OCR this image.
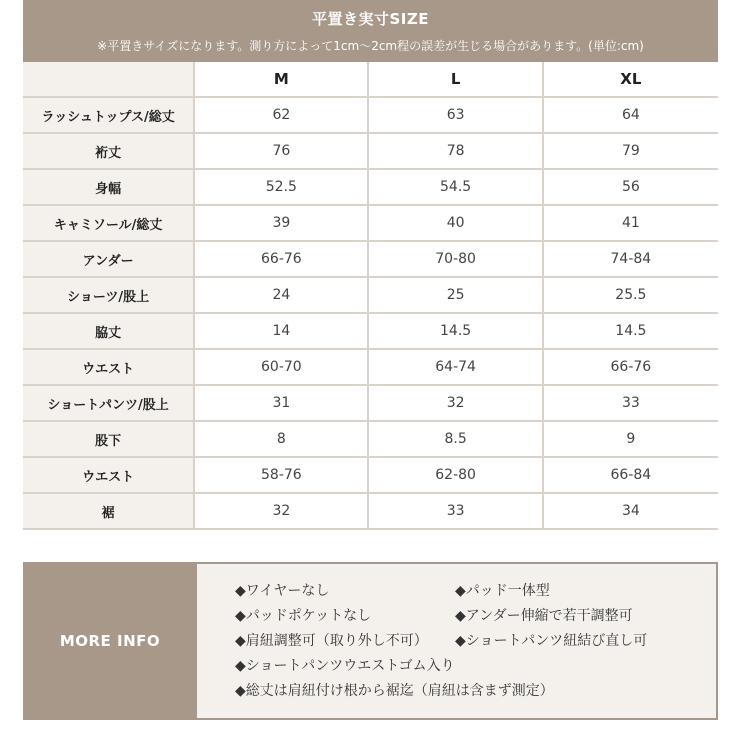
平置き実寸SIZE
※平置きサイズになります。測り方によって1cm～2cm程の誤差が生じる場合があります。(単位:cm)
	M	L	XL
ラッシュトップス/総丈	62	63	64
裄丈	76	78	79
身幅	52.5	54.5	56
キャミソール/総丈	39	40	41
アンダー	66-76	70-80	74-84
ショーツ/股上	24	25	25.5
脇丈	14	14.5	14.5
ウエスト	60-70	64-74	66-76
ショートパンツ/股上	31	32	33
股下	8	8.5	9
ウエスト	58-76	62-80	66-84
裾	32	33	34
MORE INFO
◆ワイヤーなし	◆パッド一体型
◆パッドポケットなし	◆アンダー伸縮で若干調整可
◆肩紐調整可（取り外し不可） ◆ショートパンツ紐結び直し可
◆ショートパンツウエストゴム入り
◆総丈は肩紐付け根から裾迄（肩紐は含まず測定）
